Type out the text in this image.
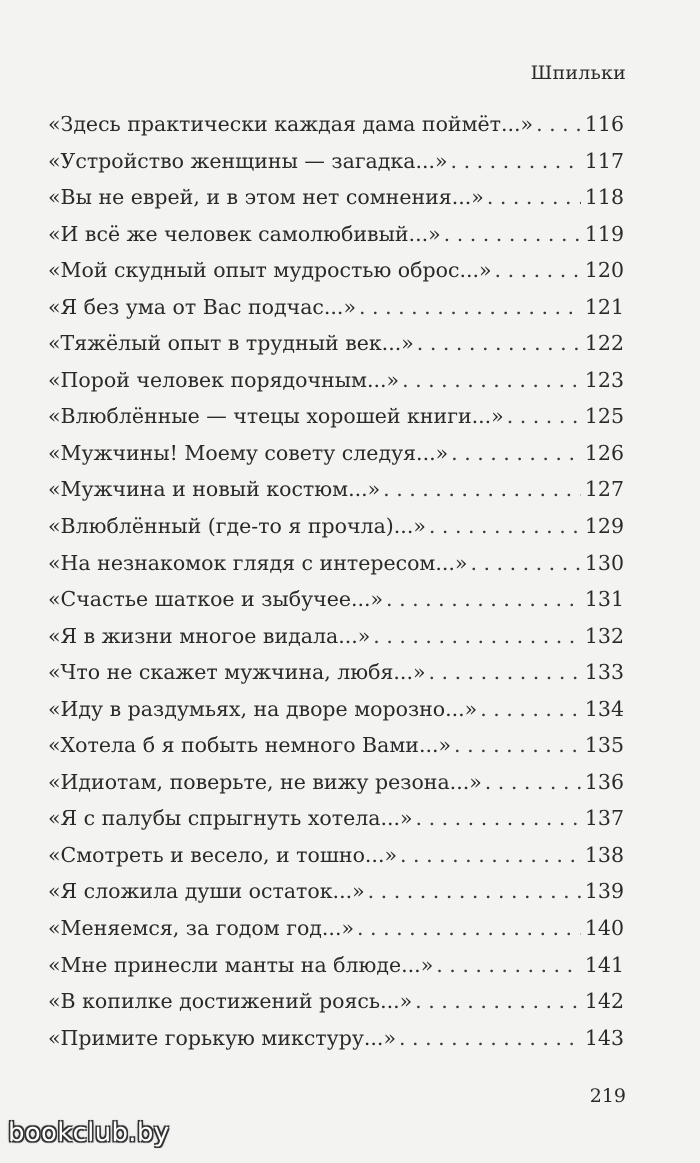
Шпильки
«Здесь практически каждая дама поймёт...» . . .	116
«Устройство женщины — загадка...» . . .	117
«Вы не еврей, и в этом нет сомнения...» . . .	118
«И всё же человек самолюбивый...» . . .	119
«Мой скудный опыт мудростью оброс...» . . .	120
«Я без ума от Вас подчас...» . . .	121
«Тяжёлый опыт в трудный век...» . . .	122
«Порой человек порядочным...» . . .	123
«Влюблённые — чтецы хорошей книги...» . . .	125
«Мужчины! Моему совету следуя...» . . .	126
«Мужчина и новый костюм...» . . .	127
«Влюблённый (где-то я прочла)...» . . .	129
«На незнакомок глядя с интересом...» . . .	130
«Счастье шаткое и зыбучее...» . . .	131
«Я в жизни многое видала...» . . .	132
«Что не скажет мужчина, любя...» . . .	133
«Иду в раздумьях, на дворе морозно...» . . .	134
«Хотела б я побыть немного Вами...» . . .	135
«Идиотам, поверьте, не вижу резона...» . . .	136
«Я с палубы спрыгнуть хотела...» . . .	137
«Смотреть и весело, и тошно...» . . .	138
«Я сложила души остаток...» . . .	139
«Меняемся, за годом год...» . . .	140
«Мне принесли манты на блюде...» . . .	141
«В копилке достижений роясь...» . . .	142
«Примите горькую микстуру...» . . .	143
219
bookclub.by
